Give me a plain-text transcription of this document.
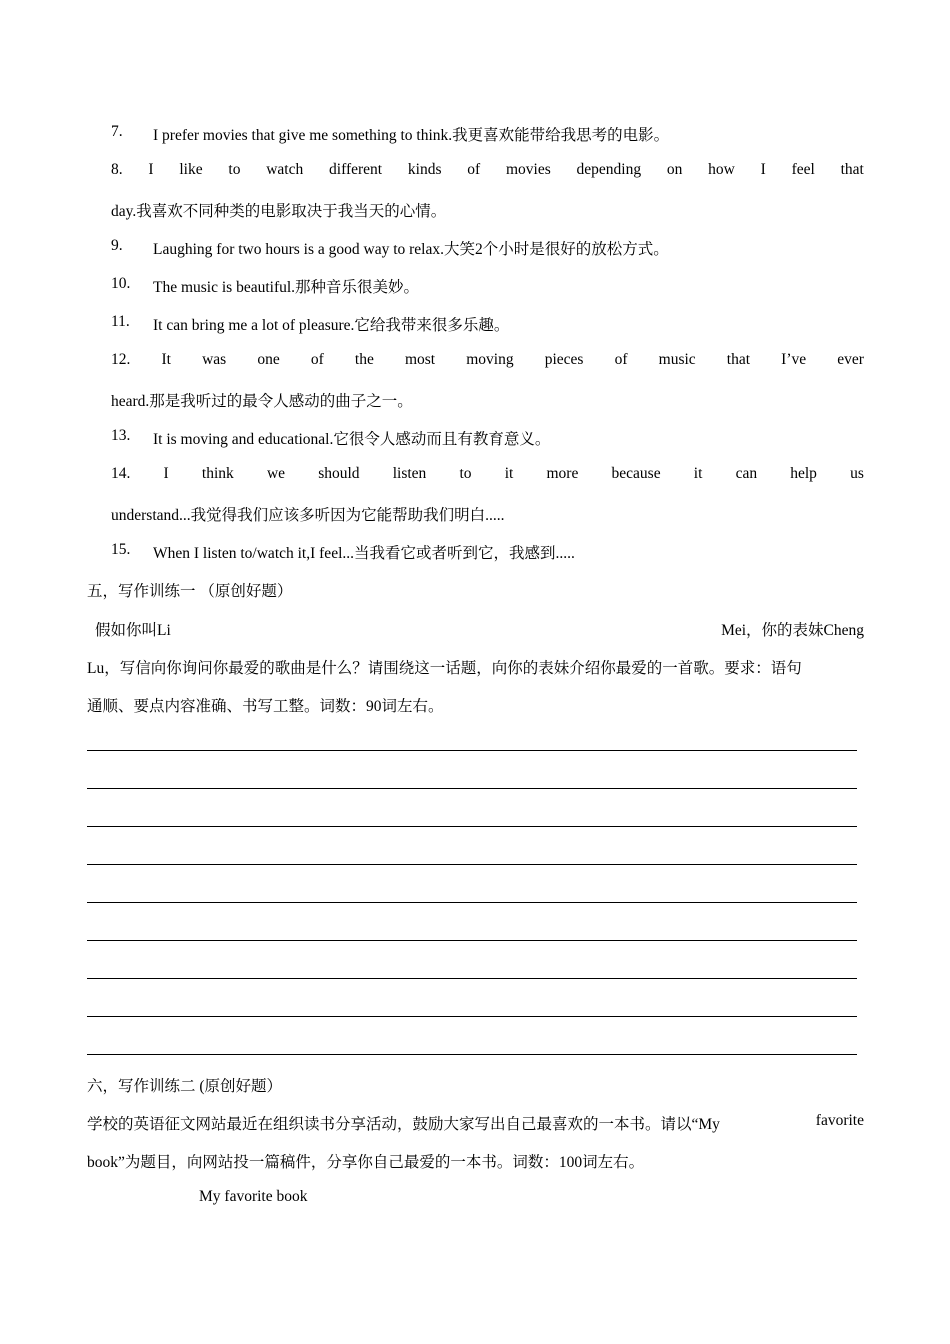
7. I prefer movies that give me something to think.我更喜欢能带给我思考的电影。
8. I like to watch different kinds of movies depending on how I feel that
day.我喜欢不同种类的电影取决于我当天的心情。
9. Laughing for two hours is a good way to relax.大笑2个小时是很好的放松方式。
10. The music is beautiful.那种音乐很美妙。
11. It can bring me a lot of pleasure.它给我带来很多乐趣。
12. It was one of the most moving pieces of music that I’ve ever
heard.那是我听过的最令人感动的曲子之一。
13. It is moving and educational.它很令人感动而且有教育意义。
14. I think we should listen to it more because it can help us
understand...我觉得我们应该多听因为它能帮助我们明白.....
15. When I listen to/watch it,I feel...当我看它或者听到它，我感到.....
五，写作训练一 （原创好题）
假如你叫Li	Mei，你的表妹Cheng
Lu，写信向你询问你最爱的歌曲是什么？请围绕这一话题，向你的表妹介绍你最爱的一首歌。要求：语句
通顺、要点内容准确、书写工整。词数：90词左右。
六，写作训练二 (原创好题）
学校的英语征文网站最近在组织读书分享活动，鼓励大家写出自己最喜欢的一本书。请以“My	favorite
book”为题目，向网站投一篇稿件，分享你自己最爱的一本书。词数：100词左右。
My favorite book
